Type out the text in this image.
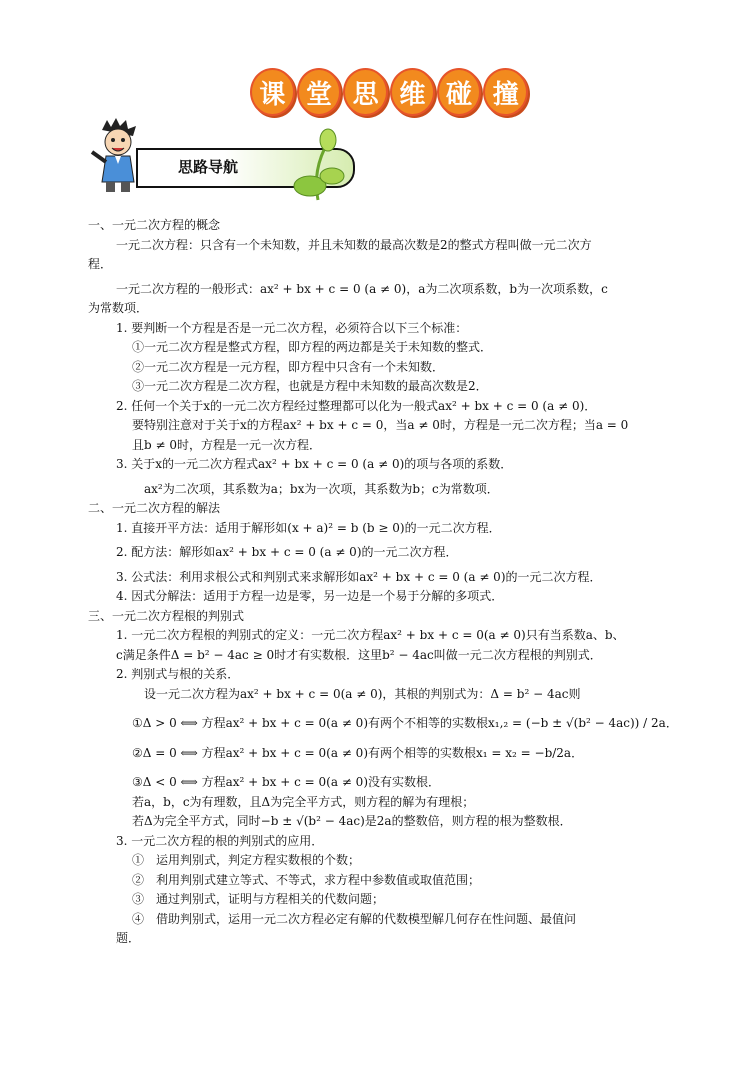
课 堂 思 维 碰 撞
思路导航
一、一元二次方程的概念
一元二次方程：只含有一个未知数，并且未知数的最高次数是2的整式方程叫做一元二次方
程．
一元二次方程的一般形式：ax² + bx + c = 0 (a ≠ 0)，a为二次项系数，b为一次项系数，c
为常数项．
1. 要判断一个方程是否是一元二次方程，必须符合以下三个标准：
①一元二次方程是整式方程，即方程的两边都是关于未知数的整式．
②一元二次方程是一元方程，即方程中只含有一个未知数．
③一元二次方程是二次方程，也就是方程中未知数的最高次数是2．
2. 任何一个关于x的一元二次方程经过整理都可以化为一般式ax² + bx + c = 0 (a ≠ 0)．
要特别注意对于关于x的方程ax² + bx + c = 0，当a ≠ 0时，方程是一元二次方程；当a = 0
且b ≠ 0时，方程是一元一次方程．
3. 关于x的一元二次方程式ax² + bx + c = 0 (a ≠ 0)的项与各项的系数．
ax²为二次项，其系数为a；bx为一次项，其系数为b；c为常数项．
二、一元二次方程的解法
1. 直接开平方法：适用于解形如(x + a)² = b (b ≥ 0)的一元二次方程．
2. 配方法：解形如ax² + bx + c = 0 (a ≠ 0)的一元二次方程．
3. 公式法：利用求根公式和判别式来求解形如ax² + bx + c = 0 (a ≠ 0)的一元二次方程．
4. 因式分解法：适用于方程一边是零，另一边是一个易于分解的多项式．
三、一元二次方程根的判别式
1. 一元二次方程根的判别式的定义：一元二次方程ax² + bx + c = 0(a ≠ 0)只有当系数a、b、
c满足条件Δ = b² − 4ac ≥ 0时才有实数根．这里b² − 4ac叫做一元二次方程根的判别式．
2. 判别式与根的关系．
设一元二次方程为ax² + bx + c = 0(a ≠ 0)，其根的判别式为：Δ = b² − 4ac则
①Δ > 0 ⟺ 方程ax² + bx + c = 0(a ≠ 0)有两个不相等的实数根x₁,₂ = (−b ± √(b² − 4ac)) / 2a．
②Δ = 0 ⟺ 方程ax² + bx + c = 0(a ≠ 0)有两个相等的实数根x₁ = x₂ = −b/2a．
③Δ < 0 ⟺ 方程ax² + bx + c = 0(a ≠ 0)没有实数根．
若a，b，c为有理数，且Δ为完全平方式，则方程的解为有理根；
若Δ为完全平方式，同时−b ± √(b² − 4ac)是2a的整数倍，则方程的根为整数根．
3. 一元二次方程的根的判别式的应用．
①　运用判别式，判定方程实数根的个数；
②　利用判别式建立等式、不等式，求方程中参数值或取值范围；
③　通过判别式，证明与方程相关的代数问题；
④　借助判别式，运用一元二次方程必定有解的代数模型解几何存在性问题、最值问
题．
